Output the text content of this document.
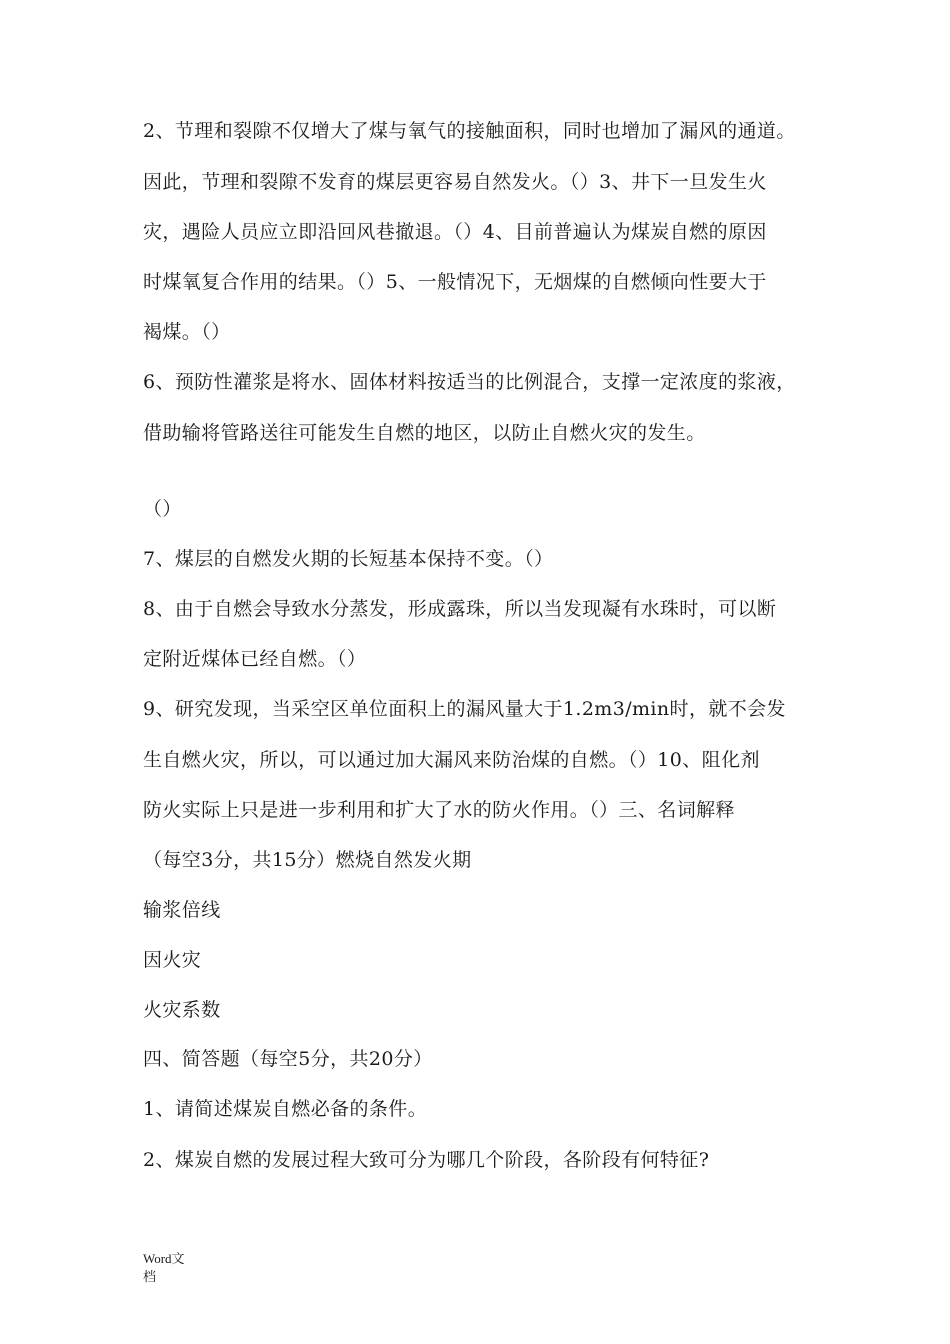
2、节理和裂隙不仅增大了煤与氧气的接触面积，同时也增加了漏风的通道。
因此，节理和裂隙不发育的煤层更容易自然发火。（）3、井下一旦发生火
灾，遇险人员应立即沿回风巷撤退。（）4、目前普遍认为煤炭自燃的原因
时煤氧复合作用的结果。（）5、一般情况下，无烟煤的自燃倾向性要大于
褐煤。（）
6、预防性灌浆是将水、固体材料按适当的比例混合，支撑一定浓度的浆液，
借助输将管路送往可能发生自燃的地区，以防止自燃火灾的发生。
（）
7、煤层的自燃发火期的长短基本保持不变。（）
8、由于自燃会导致水分蒸发，形成露珠，所以当发现凝有水珠时，可以断
定附近煤体已经自燃。（）
9、研究发现，当采空区单位面积上的漏风量大于1.2m3/min时，就不会发
生自燃火灾，所以，可以通过加大漏风来防治煤的自燃。（）10、阻化剂
防火实际上只是进一步利用和扩大了水的防火作用。（）三、名词解释
（每空3分，共15分）燃烧自然发火期
输浆倍线
因火灾
火灾系数
四、简答题（每空5分，共20分）
1、请简述煤炭自燃必备的条件。
2、煤炭自燃的发展过程大致可分为哪几个阶段，各阶段有何特征?
Word文
档
